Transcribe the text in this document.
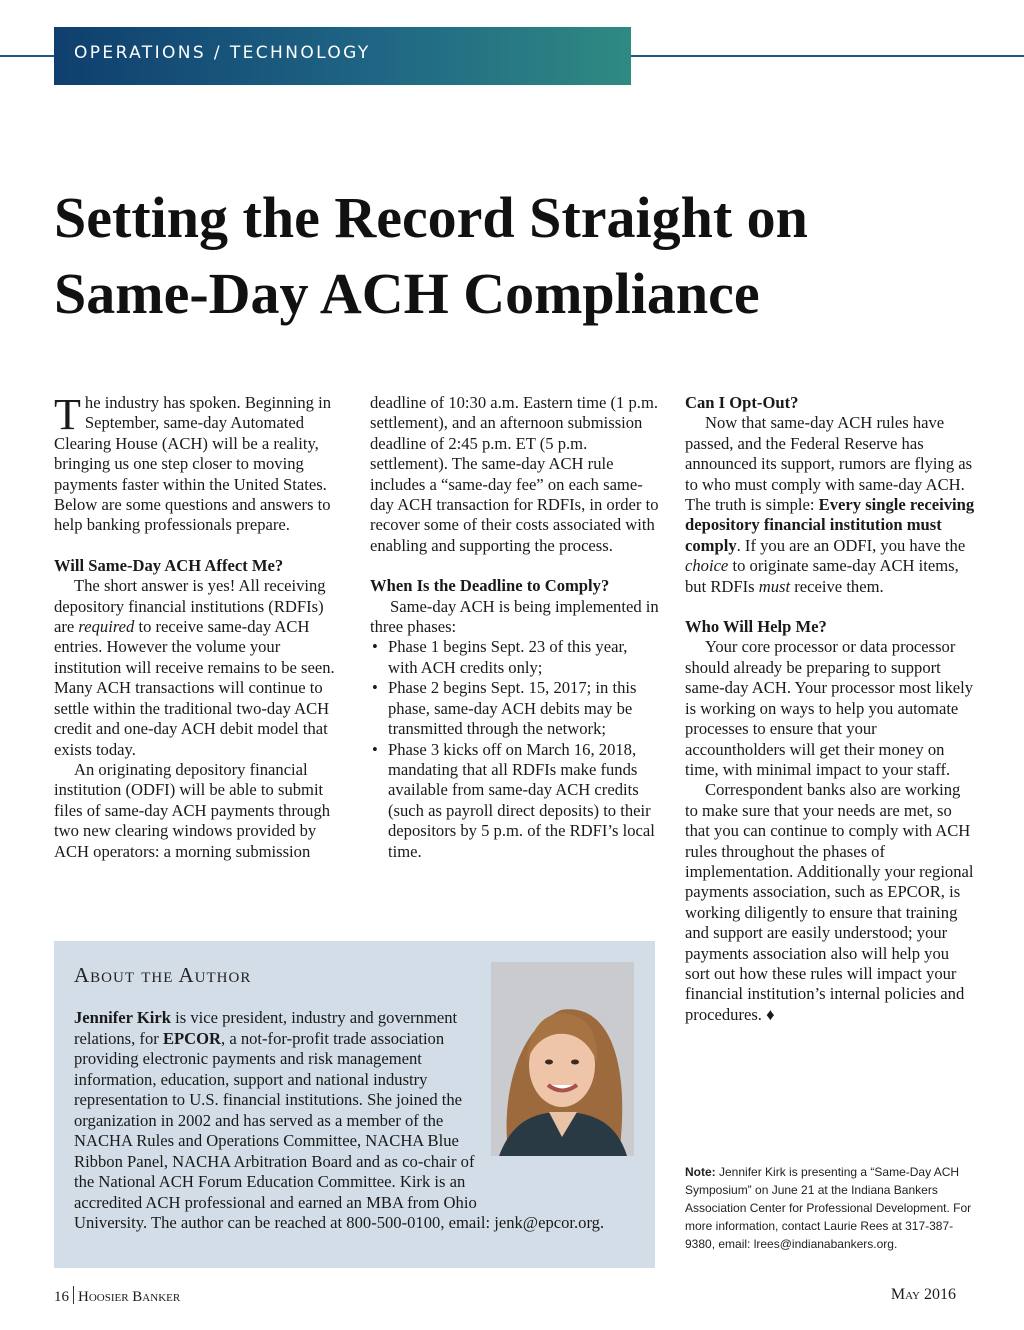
OPERATIONS / TECHNOLOGY
Setting the Record Straight on
Same-Day ACH Compliance

The industry has spoken. Beginning in September, same-day Automated Clearing House (ACH) will be a reality, bringing us one step closer to moving payments faster within the United States. Below are some questions and answers to help banking professionals prepare.

Will Same-Day ACH Affect Me?

The short answer is yes! All receiving depository financial institutions (RDFIs) are required to receive same-day ACH entries. However the volume your institution will receive remains to be seen. Many ACH transactions will continue to settle within the traditional two-day ACH credit and one-day ACH debit model that exists today.

An originating depository financial institution (ODFI) will be able to submit files of same-day ACH payments through two new clearing windows provided by ACH operators: a morning submission

deadline of 10:30 a.m. Eastern time (1 p.m. settlement), and an afternoon submission deadline of 2:45 p.m. ET (5 p.m. settlement). The same-day ACH rule includes a “same-day fee” on each same-day ACH transaction for RDFIs, in order to recover some of their costs associated with enabling and supporting the process.

When Is the Deadline to Comply?

Same-day ACH is being implemented in three phases:

• Phase 1 begins Sept. 23 of this year, with ACH credits only;
• Phase 2 begins Sept. 15, 2017; in this phase, same-day ACH debits may be transmitted through the network;
• Phase 3 kicks off on March 16, 2018, mandating that all RDFIs make funds available from same-day ACH credits (such as payroll direct deposits) to their depositors by 5 p.m. of the RDFI’s local time.
Can I Opt-Out?

Now that same-day ACH rules have passed, and the Federal Reserve has announced its support, rumors are flying as to who must comply with same-day ACH. The truth is simple: Every single receiving depository financial institution must comply. If you are an ODFI, you have the choice to originate same-day ACH items, but RDFIs must receive them.

Who Will Help Me?

Your core processor or data processor should already be preparing to support same-day ACH. Your processor most likely is working on ways to help you automate processes to ensure that your accountholders will get their money on time, with minimal impact to your staff.

Correspondent banks also are working to make sure that your needs are met, so that you can continue to comply with ACH rules throughout the phases of implementation. Additionally your regional payments association, such as EPCOR, is working diligently to ensure that training and support are easily understood; your payments association also will help you sort out how these rules will impact your financial institution’s internal policies and procedures. ♦

About the Author
Jennifer Kirk is vice president, industry and government relations, for EPCOR, a not-for-profit trade association providing electronic payments and risk management information, education, support and national industry representation to U.S. financial institutions. She joined the organization in 2002 and has served as a member of the NACHA Rules and Operations Committee, NACHA Blue Ribbon Panel, NACHA Arbitration Board and as co-chair of the National ACH Forum Education Committee. Kirk is an accredited ACH professional and earned an MBA from Ohio University. The author can be reached at 800-500-0100, email: jenk@epcor.org.
Note: Jennifer Kirk is presenting a “Same-Day ACH Symposium” on June 21 at the Indiana Bankers Association Center for Professional Development. For more information, contact Laurie Rees at 317-387-9380, email: lrees@indianabankers.org.
16 Hoosier Banker	May 2016
